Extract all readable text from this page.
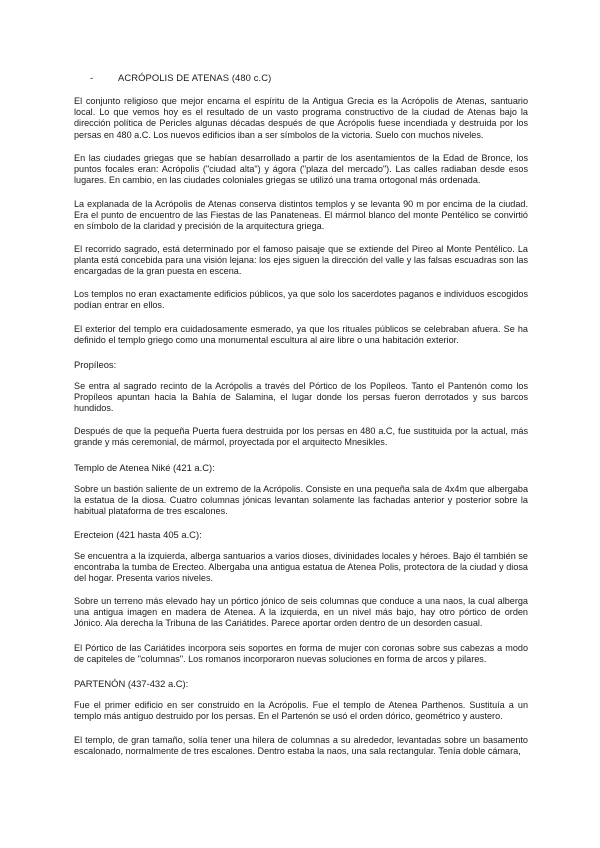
-	ACRÓPOLIS DE ATENAS (480 c.C)

El conjunto religioso que mejor encarna el espíritu de la Antigua Grecia es la Acrópolis de Atenas, santuario local. Lo que vemos hoy es el resultado de un vasto programa constructivo de la ciudad de Atenas bajo la dirección política de Pericles algunas décadas después de que Acrópolis fuese incendiada y destruida por los persas en 480 a.C. Los nuevos edificios iban a ser símbolos de la victoria. Suelo con muchos niveles.

En las ciudades griegas que se habían desarrollado a partir de los asentamientos de la Edad de Bronce, los puntos focales eran: Acrópolis ("ciudad alta") y ágora ("plaza del mercado"). Las calles radiaban desde esos lugares. En cambio, en las ciudades coloniales griegas se utilizó una trama ortogonal más ordenada.

La explanada de la Acrópolis de Atenas conserva distintos templos y se levanta 90 m por encima de la ciudad. Era el punto de encuentro de las Fiestas de las Panateneas. El mármol blanco del monte Pentélico se convirtió en símbolo de la claridad y precisión de la arquitectura griega.

El recorrido sagrado, está determinado por el famoso paisaje que se extiende del Pireo al Monte Pentélico. La planta está concebida para una visión lejana: los ejes siguen la dirección del valle y las falsas escuadras son las encargadas de la gran puesta en escena.

Los templos no eran exactamente edificios públicos, ya que solo los sacerdotes paganos e individuos escogidos podían entrar en ellos.

El exterior del templo era cuidadosamente esmerado, ya que los rituales públicos se celebraban afuera. Se ha definido el templo griego como una monumental escultura al aire libre o una habitación exterior.

Propíleos:

Se entra al sagrado recinto de la Acrópolis a través del Pórtico de los Popíleos. Tanto el Pantenón como los Propíleos apuntan hacia la Bahía de Salamina, el lugar donde los persas fueron derrotados y sus barcos hundidos.

Después de que la pequeña Puerta fuera destruida por los persas en 480 a.C, fue sustituida por la actual, más grande y más ceremonial, de mármol, proyectada por el arquitecto Mnesikles.

Templo de Atenea Niké (421 a.C):

Sobre un bastión saliente de un extremo de la Acrópolis. Consiste en una pequeña sala de 4x4m que albergaba la estatua de la diosa. Cuatro columnas jónicas levantan solamente las fachadas anterior y posterior sobre la habitual plataforma de tres escalones.

Erecteion (421 hasta 405 a.C):

Se encuentra a la izquierda, alberga santuarios a varios dioses, divinidades locales y héroes. Bajo él también se encontraba la tumba de Erecteo. Albergaba una antigua estatua de Atenea Polis, protectora de la ciudad y diosa del hogar. Presenta varios niveles.

Sobre un terreno más elevado hay un pórtico jónico de seis columnas que conduce a una naos, la cual alberga una antigua imagen en madera de Atenea. A la izquierda, en un nivel más bajo, hay otro pórtico de orden Jónico. Ala derecha la Tribuna de las Cariátides. Parece aportar orden dentro de un desorden casual.

El Pórtico de las Cariátides incorpora seis soportes en forma de mujer con coronas sobre sus cabezas a modo de capiteles de "columnas". Los romanos incorporaron nuevas soluciones en forma de arcos y pilares.

PARTENÓN (437-432 a.C):

Fue el primer edificio en ser construido en la Acrópolis. Fue el templo de Atenea Parthenos. Sustituía a un templo más antiguo destruido por los persas. En el Partenón se usó el orden dórico, geométrico y austero.

El templo, de gran tamaño, solía tener una hilera de columnas a su alrededor, levantadas sobre un basamento escalonado, normalmente de tres escalones. Dentro estaba la naos, una sala rectangular. Tenía doble cámara,
